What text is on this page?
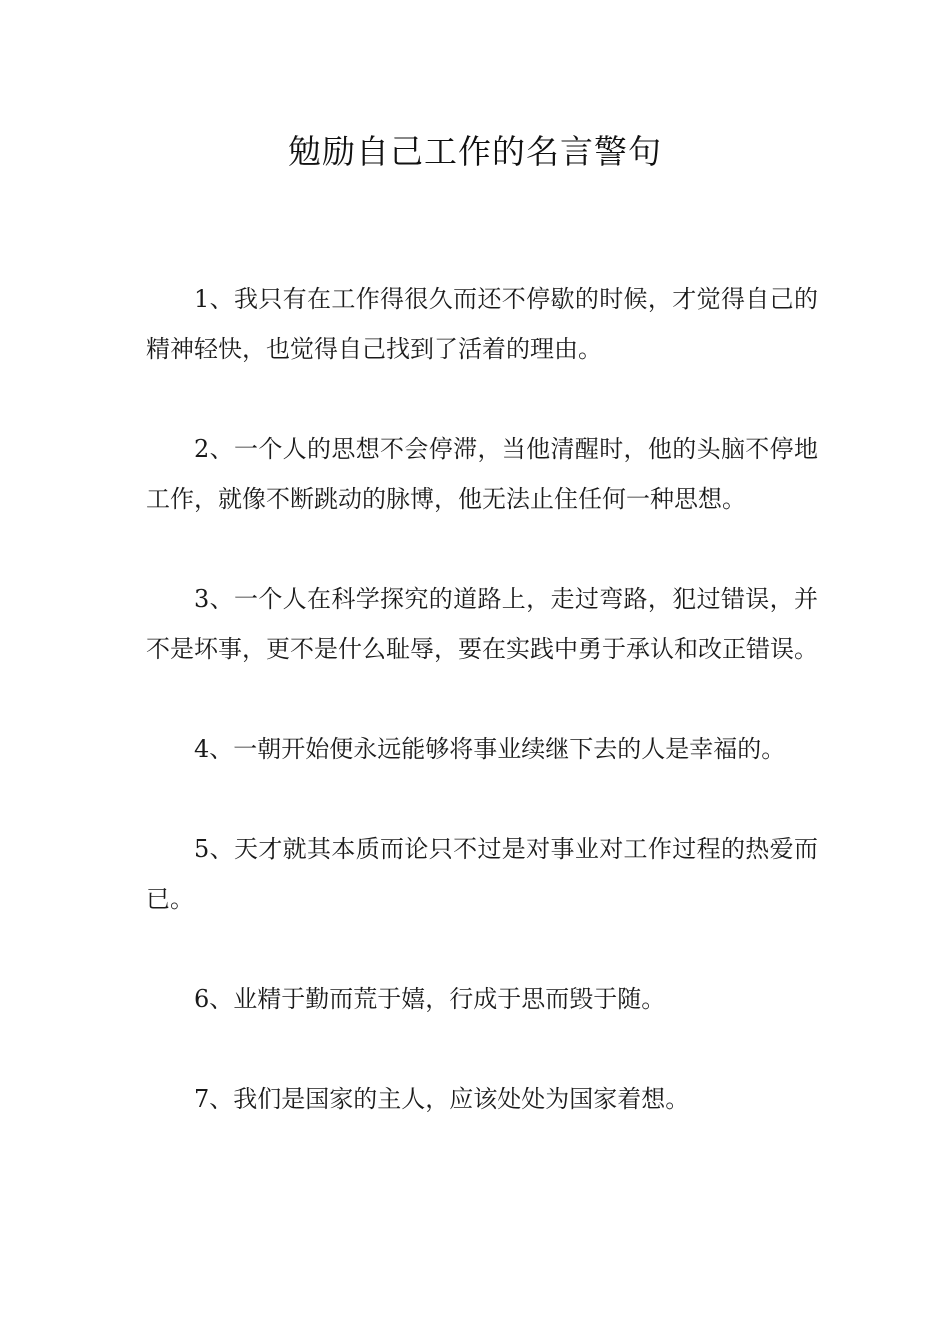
勉励自己工作的名言警句

1、我只有在工作得很久而还不停歇的时候，才觉得自己的精神轻快，也觉得自己找到了活着的理由。

2、一个人的思想不会停滞，当他清醒时，他的头脑不停地工作，就像不断跳动的脉博，他无法止住任何一种思想。

3、一个人在科学探究的道路上，走过弯路，犯过错误，并不是坏事，更不是什么耻辱，要在实践中勇于承认和改正错误。

4、一朝开始便永远能够将事业续继下去的人是幸福的。

5、天才就其本质而论只不过是对事业对工作过程的热爱而已。

6、业精于勤而荒于嬉，行成于思而毁于随。

7、我们是国家的主人，应该处处为国家着想。
